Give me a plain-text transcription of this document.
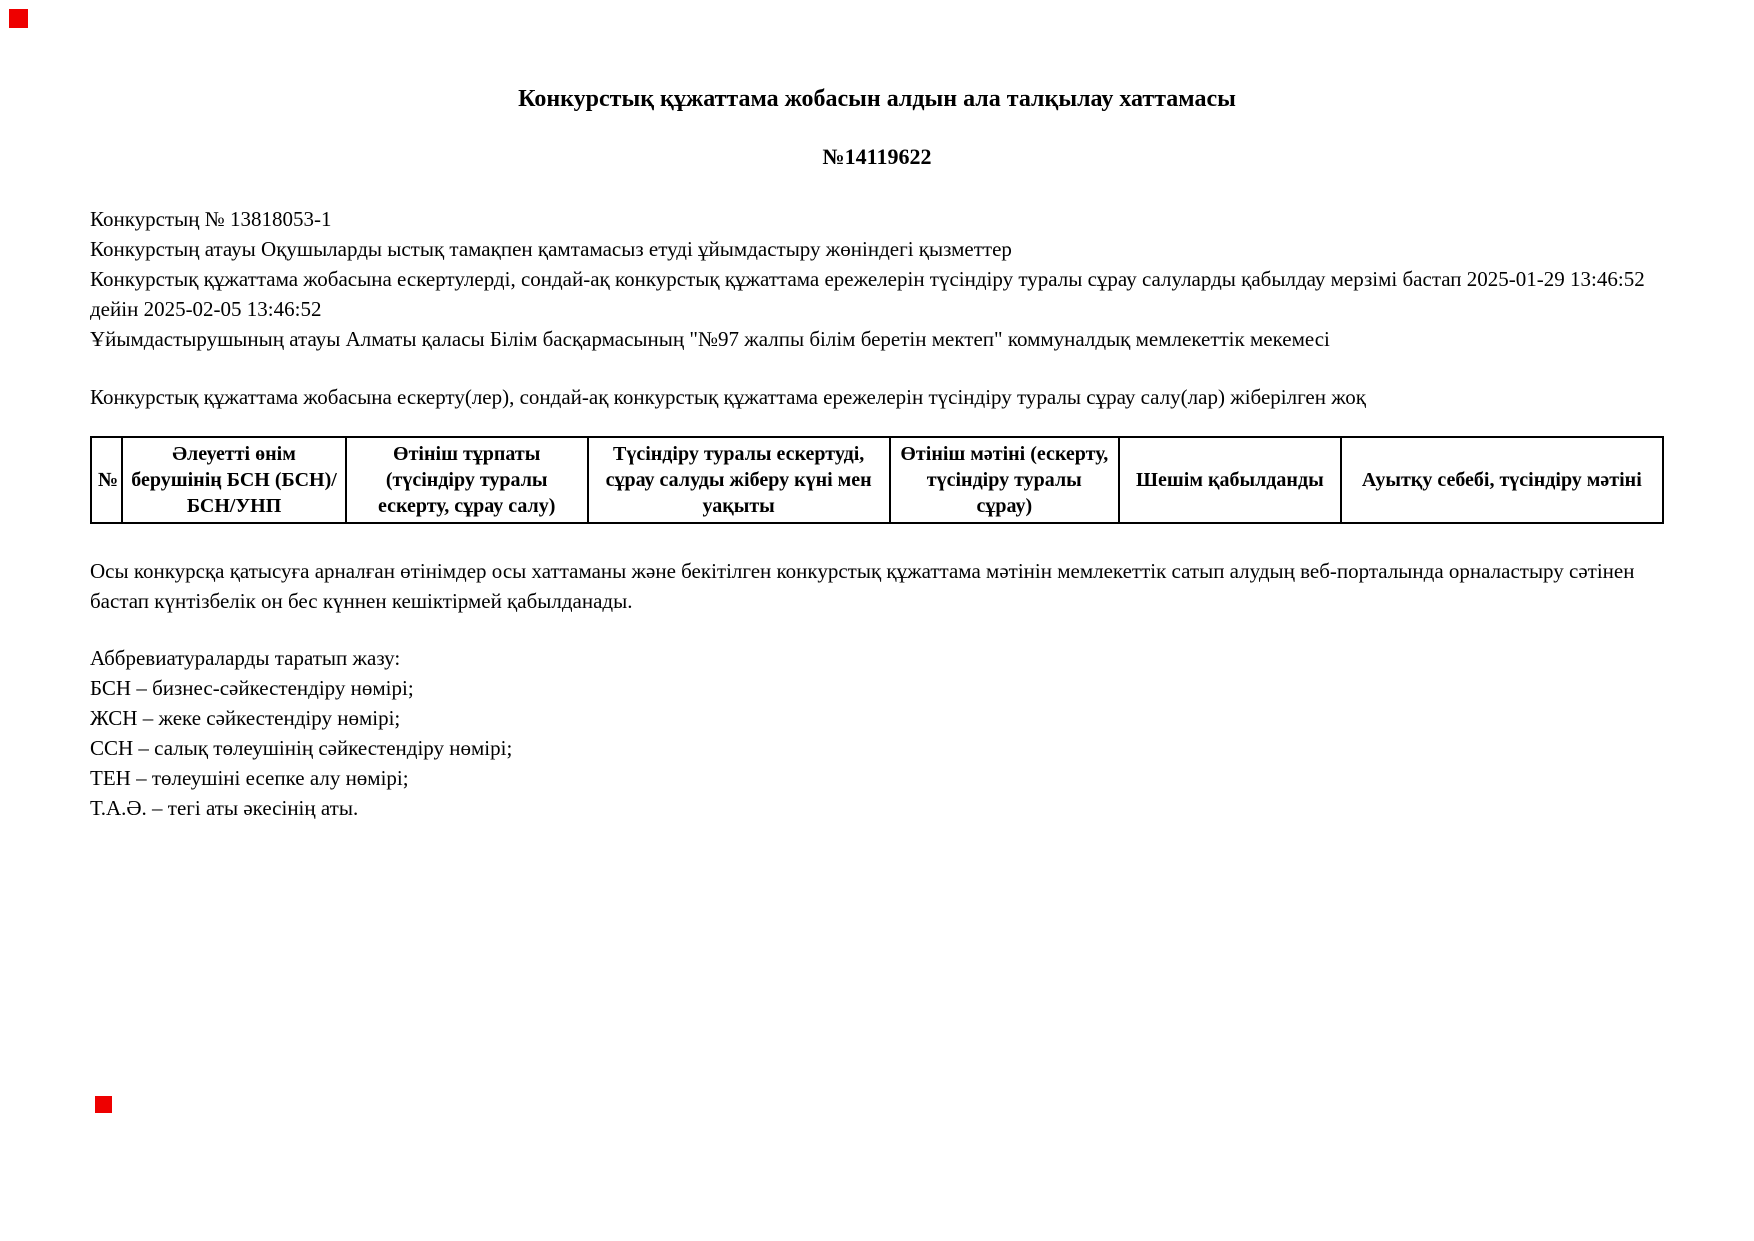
Конкурстық құжаттама жобасын алдын ала талқылау хаттамасы
№14119622
Конкурстың № 13818053-1
Конкурстың атауы Оқушыларды ыстық тамақпен қамтамасыз етуді ұйымдастыру жөніндегі қызметтер
Конкурстық құжаттама жобасына ескертулерді, сондай-ақ конкурстық құжаттама ережелерін түсіндіру туралы сұрау салуларды қабылдау мерзімі бастап 2025-01-29 13:46:52 дейін 2025-02-05 13:46:52
Ұйымдастырушының атауы Алматы қаласы Білім басқармасының "№97 жалпы білім беретін мектеп" коммуналдық мемлекеттік мекемесі
Конкурстық құжаттама жобасына ескерту(лер), сондай-ақ конкурстық құжаттама ережелерін түсіндіру туралы сұрау салу(лар) жіберілген жоқ
№	Әлеуетті өнім берушінің БСН (БСН)/ БСН/УНП	Өтініш тұрпаты (түсіндіру туралы ескерту, сұрау салу)	Түсіндіру туралы ескертуді, сұрау салуды жіберу күні мен уақыты	Өтініш мәтіні (ескерту, түсіндіру туралы сұрау)	Шешім қабылданды	Ауытқу себебі, түсіндіру мәтіні
Осы конкурсқа қатысуға арналған өтінімдер осы хаттаманы және бекітілген конкурстық құжаттама мәтінін мемлекеттік сатып алудың веб-порталында орналастыру сәтінен бастап күнтізбелік он бес күннен кешіктірмей қабылданады.
Аббревиатураларды таратып жазу:
БСН – бизнес-сәйкестендіру нөмірі;
ЖСН – жеке сәйкестендіру нөмірі;
ССН – салық төлеушінің сәйкестендіру нөмірі;
ТЕН – төлеушіні есепке алу нөмірі;
Т.А.Ә. – тегі аты әкесінің аты.
